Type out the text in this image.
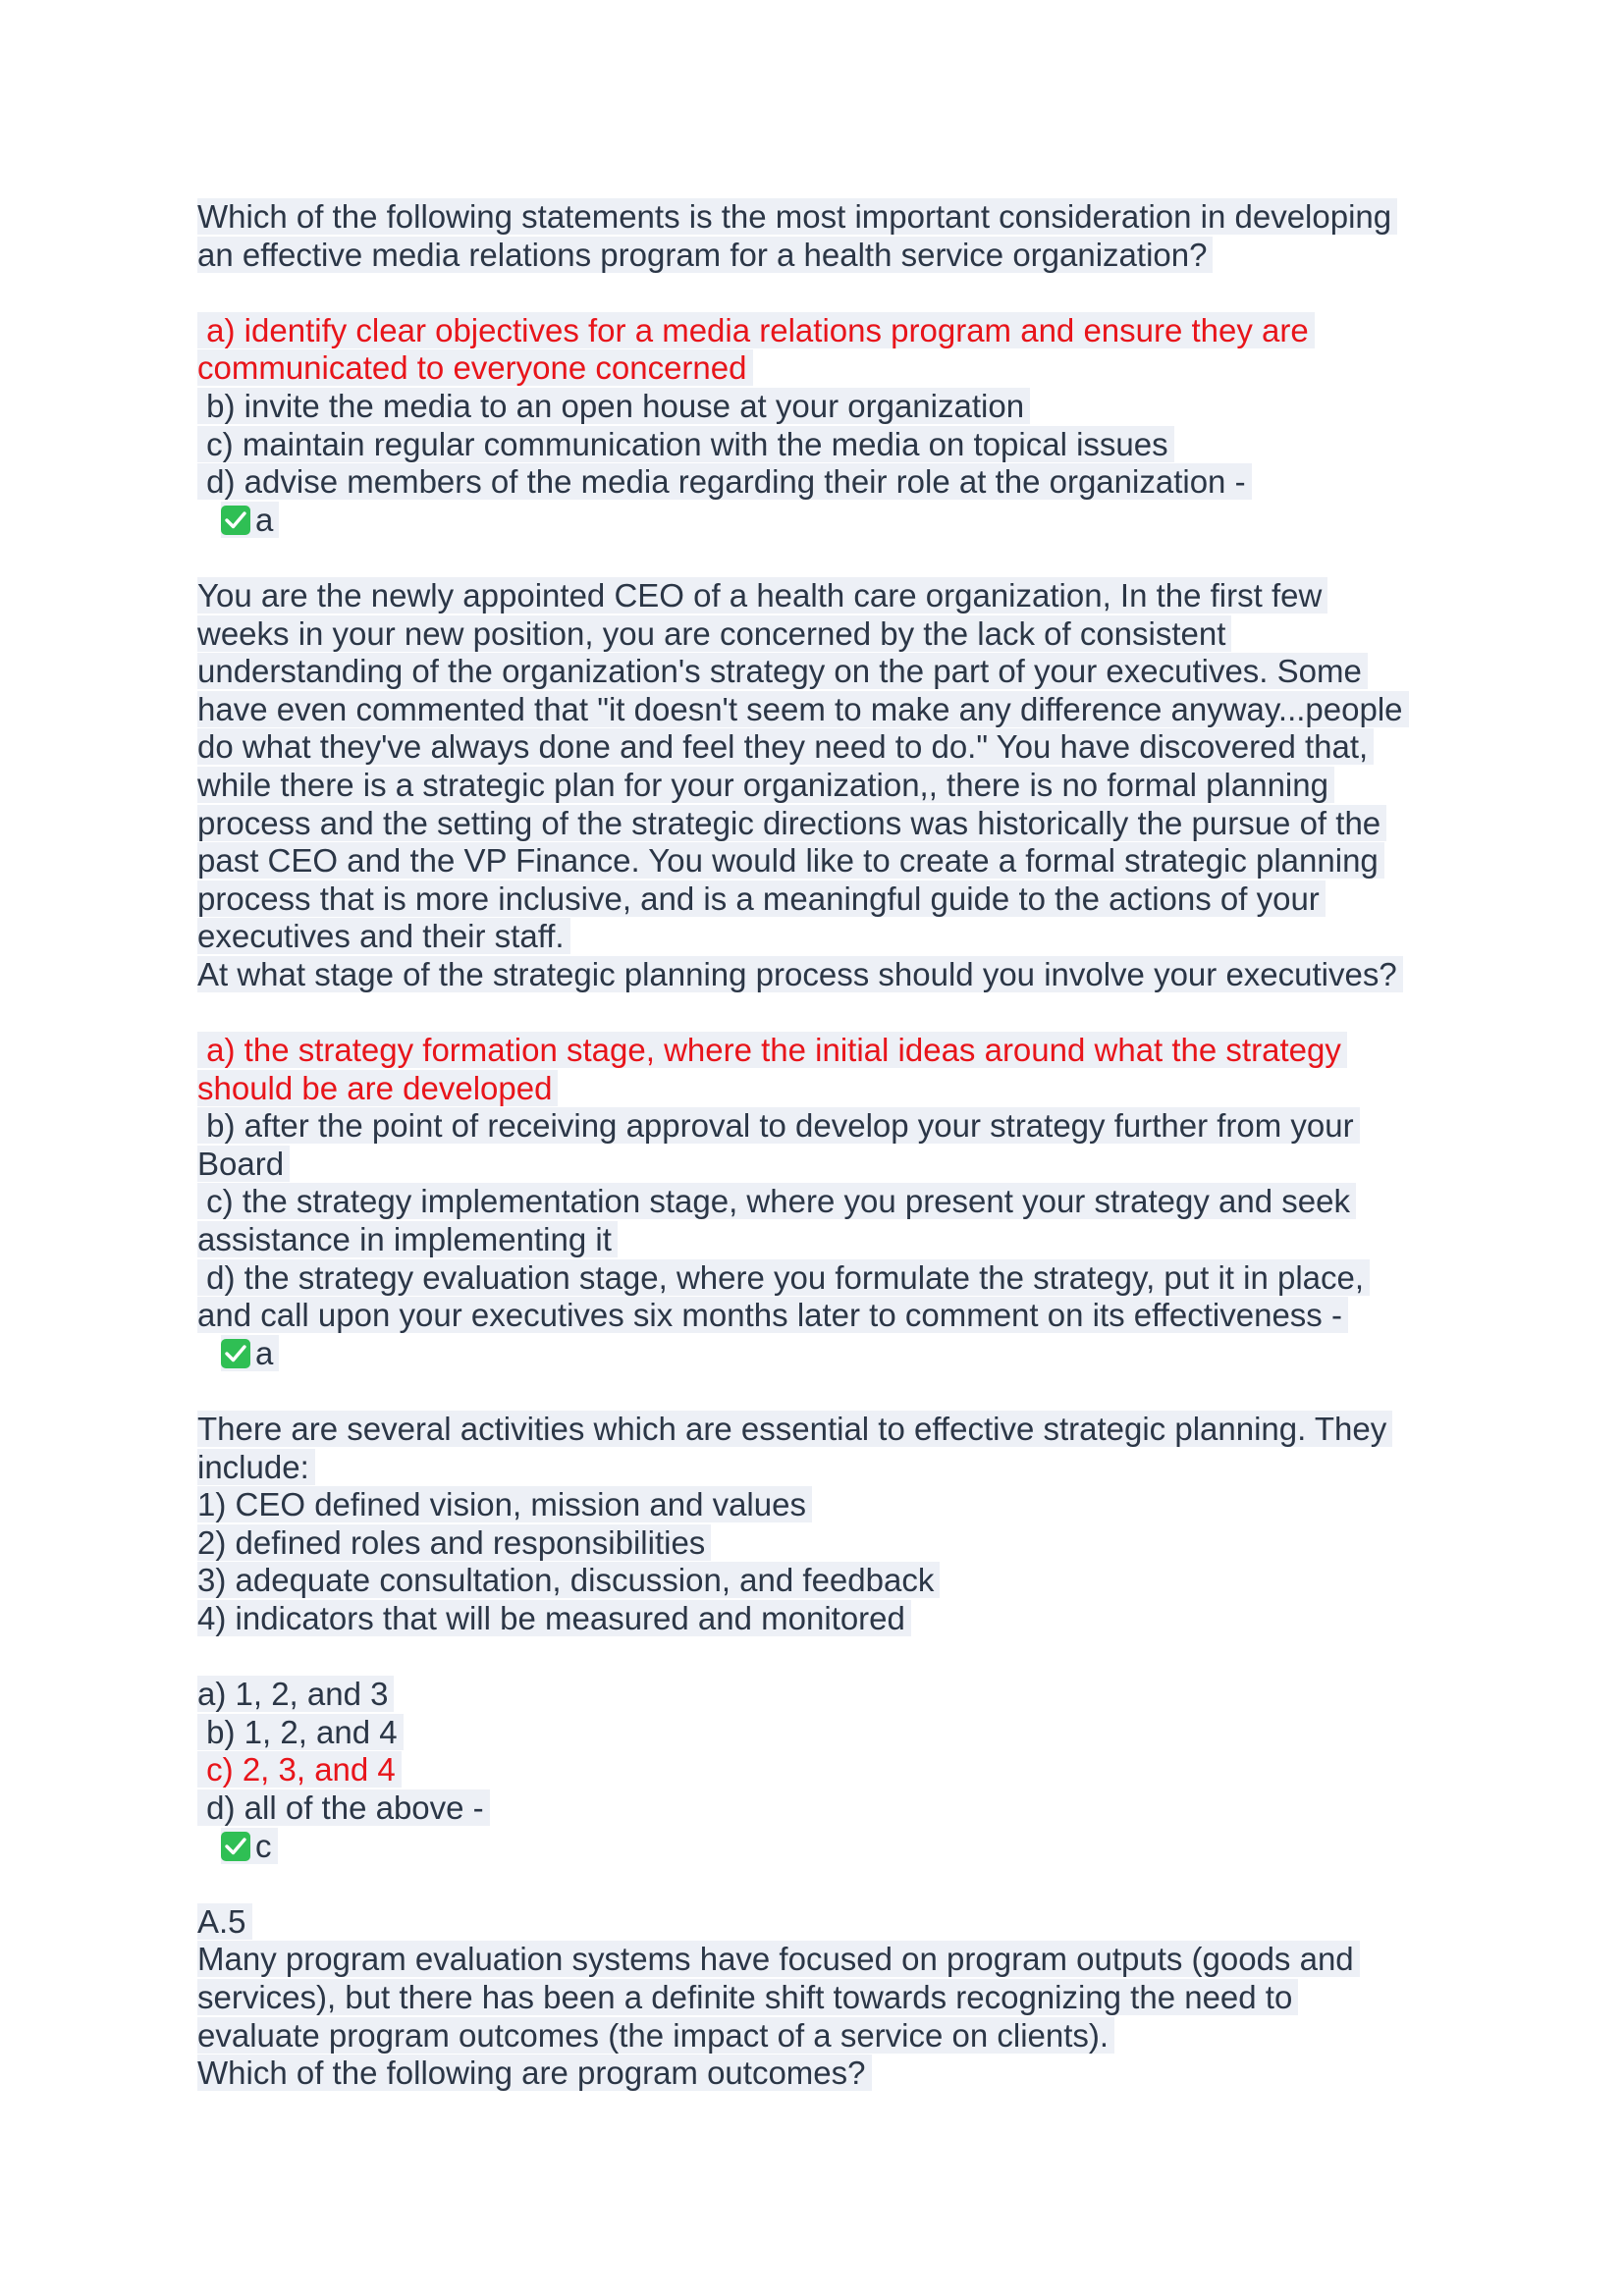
Which of the following statements is the most important consideration in developing
an effective media relations program for a health service organization?
a) identify clear objectives for a media relations program and ensure they are
communicated to everyone concerned
b) invite the media to an open house at your organization
c) maintain regular communication with the media on topical issues
d) advise members of the media regarding their role at the organization -
a
You are the newly appointed CEO of a health care organization, In the first few
weeks in your new position, you are concerned by the lack of consistent
understanding of the organization's strategy on the part of your executives. Some
have even commented that "it doesn't seem to make any difference anyway...people
do what they've always done and feel they need to do." You have discovered that,
while there is a strategic plan for your organization,, there is no formal planning
process and the setting of the strategic directions was historically the pursue of the
past CEO and the VP Finance. You would like to create a formal strategic planning
process that is more inclusive, and is a meaningful guide to the actions of your
executives and their staff.
At what stage of the strategic planning process should you involve your executives?
a) the strategy formation stage, where the initial ideas around what the strategy
should be are developed
b) after the point of receiving approval to develop your strategy further from your
Board
c) the strategy implementation stage, where you present your strategy and seek
assistance in implementing it
d) the strategy evaluation stage, where you formulate the strategy, put it in place,
and call upon your executives six months later to comment on its effectiveness -
a
There are several activities which are essential to effective strategic planning. They
include:
1) CEO defined vision, mission and values
2) defined roles and responsibilities
3) adequate consultation, discussion, and feedback
4) indicators that will be measured and monitored
a) 1, 2, and 3
b) 1, 2, and 4
c) 2, 3, and 4
d) all of the above -
c
A.5
Many program evaluation systems have focused on program outputs (goods and
services), but there has been a definite shift towards recognizing the need to
evaluate program outcomes (the impact of a service on clients).
Which of the following are program outcomes?
